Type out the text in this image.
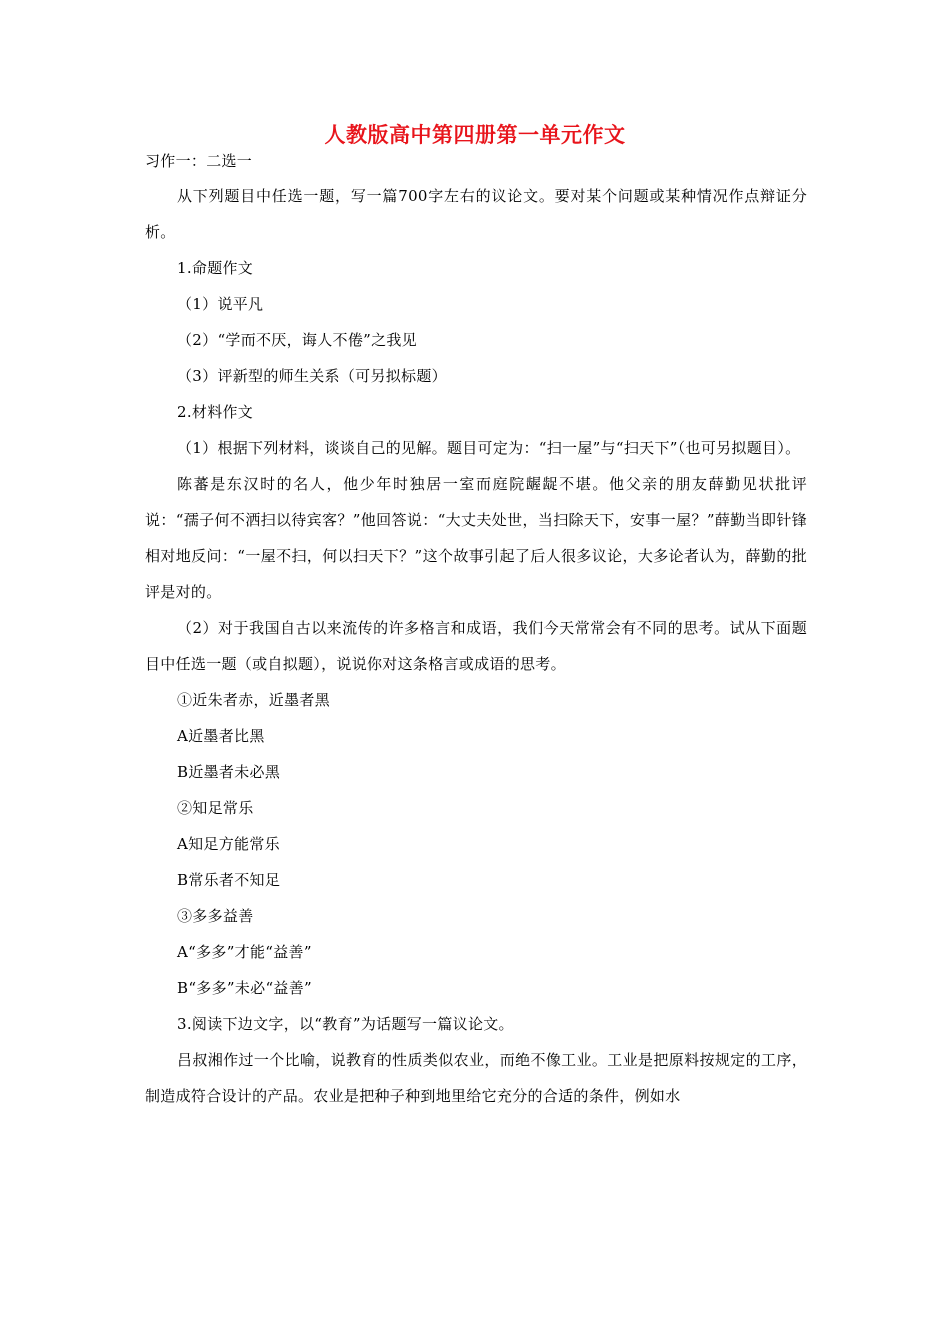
人教版高中第四册第一单元作文

习作一：二选一

从下列题目中任选一题，写一篇700字左右的议论文。要对某个问题或某种情况作点辩证分析。

1.命题作文

（1）说平凡

（2）“学而不厌，诲人不倦”之我见

（3）评新型的师生关系（可另拟标题）

2.材料作文

（1）根据下列材料，谈谈自己的见解。题目可定为：“扫一屋”与“扫天下”（也可另拟题目）。

陈蕃是东汉时的名人，他少年时独居一室而庭院龌龊不堪。他父亲的朋友薛勤见状批评说：“孺子何不洒扫以待宾客？”他回答说：“大丈夫处世，当扫除天下，安事一屋？”薛勤当即针锋相对地反问：“一屋不扫，何以扫天下？”这个故事引起了后人很多议论，大多论者认为，薛勤的批评是对的。

（2）对于我国自古以来流传的许多格言和成语，我们今天常常会有不同的思考。试从下面题目中任选一题（或自拟题），说说你对这条格言或成语的思考。

①近朱者赤，近墨者黑

A近墨者比黑

B近墨者未必黑

②知足常乐

A知足方能常乐

B常乐者不知足

③多多益善

A“多多”才能“益善”

B“多多”未必“益善”

3.阅读下边文字，以“教育”为话题写一篇议论文。

吕叔湘作过一个比喻，说教育的性质类似农业，而绝不像工业。工业是把原料按规定的工序，制造成符合设计的产品。农业是把种子种到地里给它充分的合适的条件，例如水
